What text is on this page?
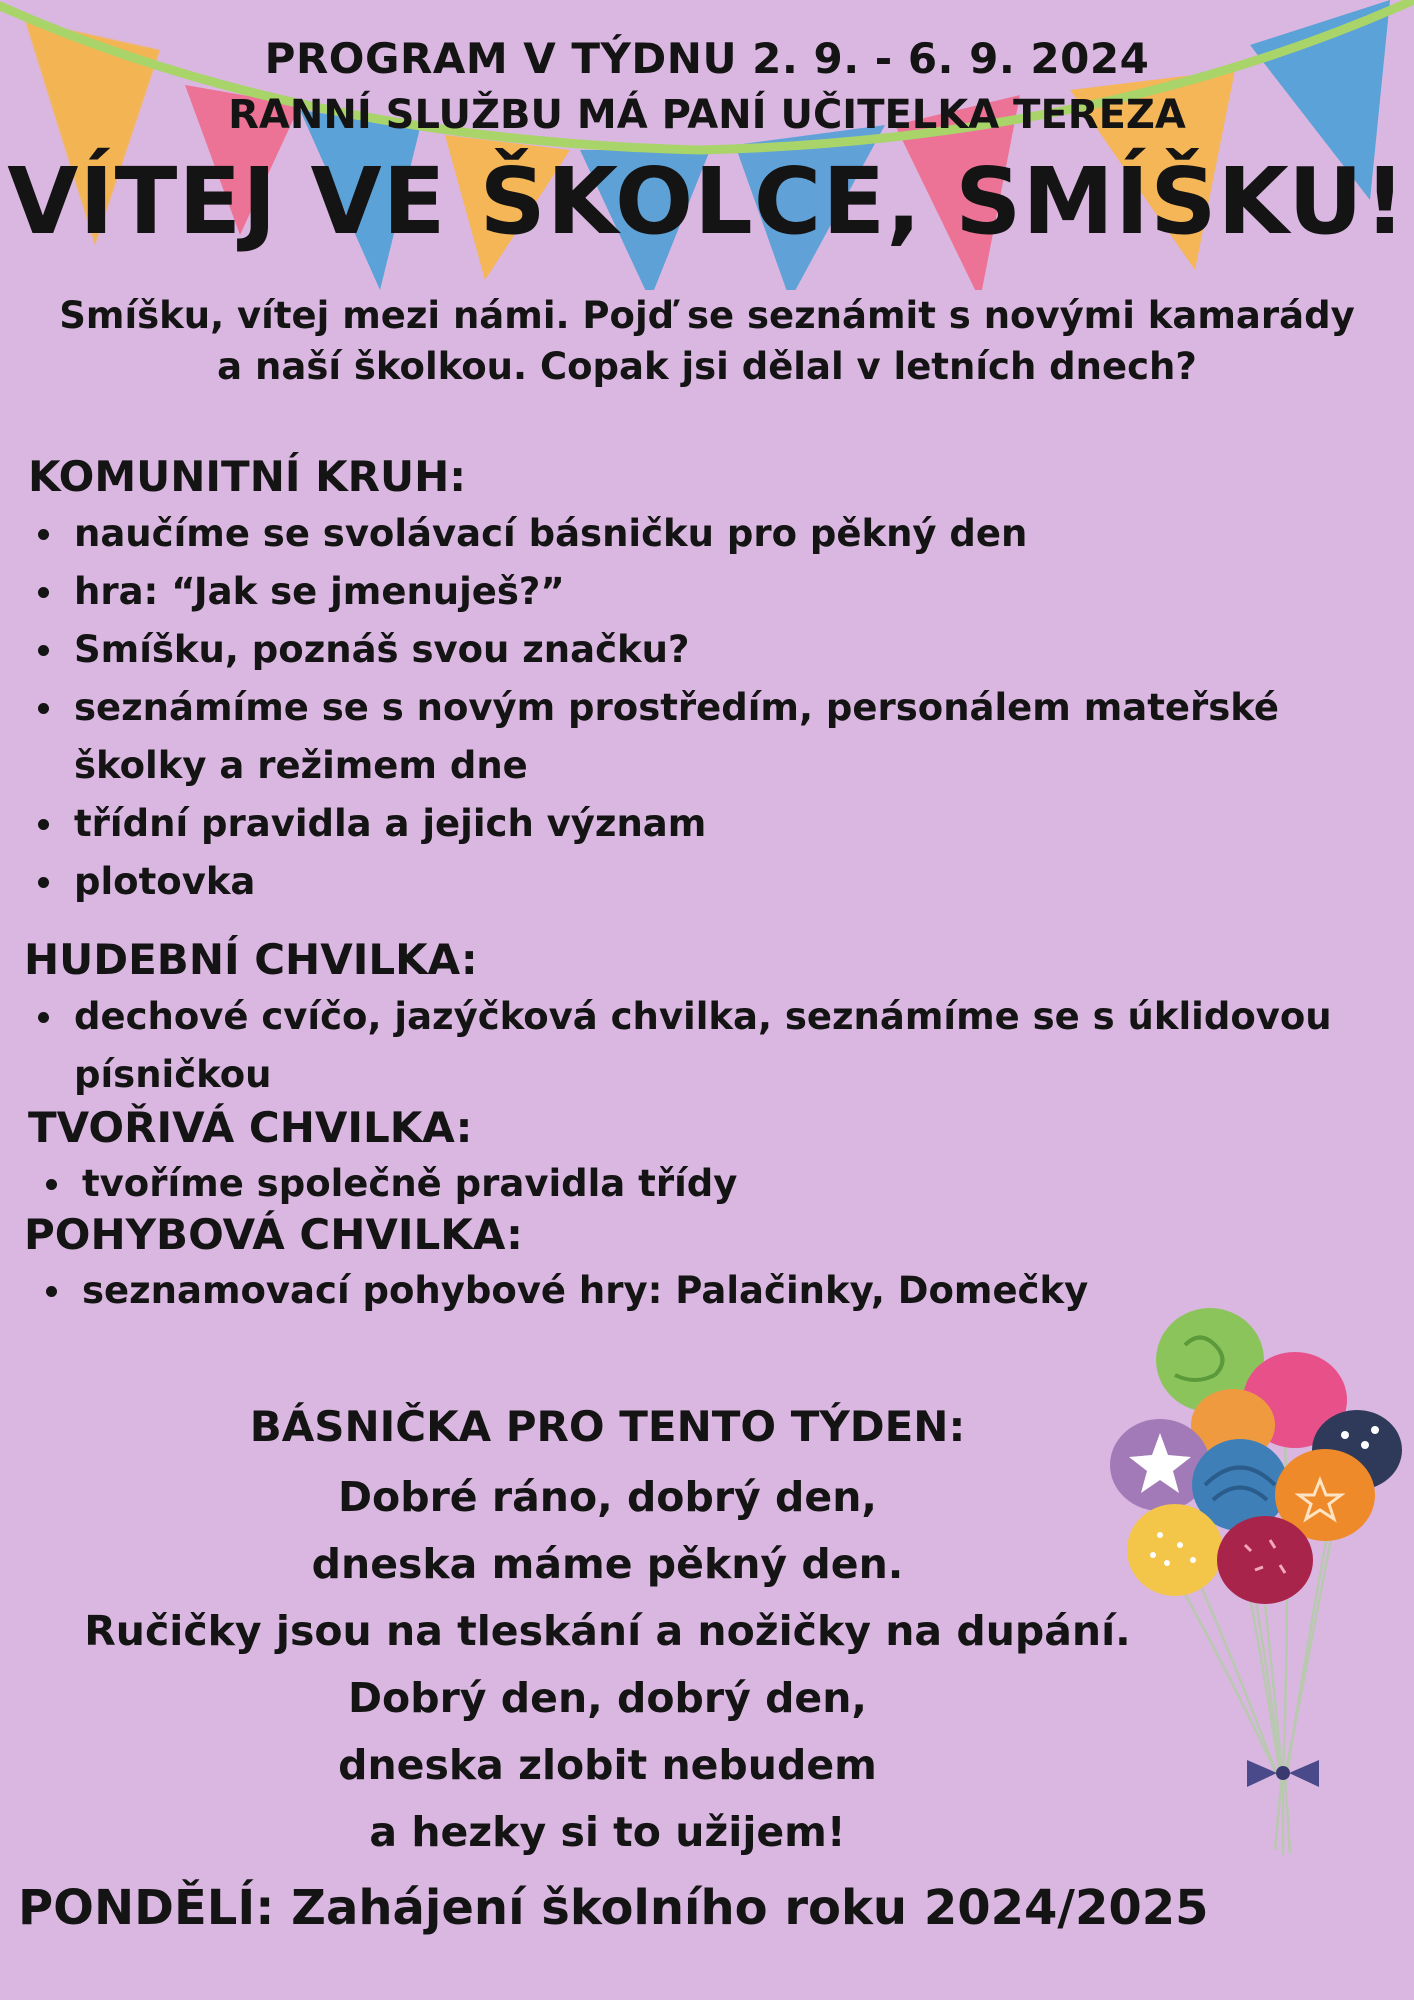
PROGRAM V TÝDNU 2. 9. - 6. 9. 2024
RANNÍ SLUŽBU MÁ PANÍ UČITELKA TEREZA
VÍTEJ VE ŠKOLCE, SMÍŠKU!
Smíšku, vítej mezi námi. Pojď se seznámit s novými kamarády
a naší školkou. Copak jsi dělal v letních dnech?
KOMUNITNÍ KRUH:
naučíme se svolávací básničku pro pěkný den
hra: “Jak se jmenuješ?”
Smíšku, poznáš svou značku?
seznámíme se s novým prostředím, personálem mateřské školky a režimem dne
třídní pravidla a jejich význam
plotovka
HUDEBNÍ CHVILKA:
dechové cvíčo, jazýčková chvilka, seznámíme se s úklidovou písničkou
TVOŘIVÁ CHVILKA:
tvoříme společně pravidla třídy
POHYBOVÁ CHVILKA:
seznamovací pohybové hry: Palačinky, Domečky
BÁSNIČKA PRO TENTO TÝDEN:
Dobré ráno, dobrý den,
dneska máme pěkný den.
Ručičky jsou na tleskání a nožičky na dupání.
Dobrý den, dobrý den,
dneska zlobit nebudem
a hezky si to užijem!
PONDĚLÍ: Zahájení školního roku 2024/2025
